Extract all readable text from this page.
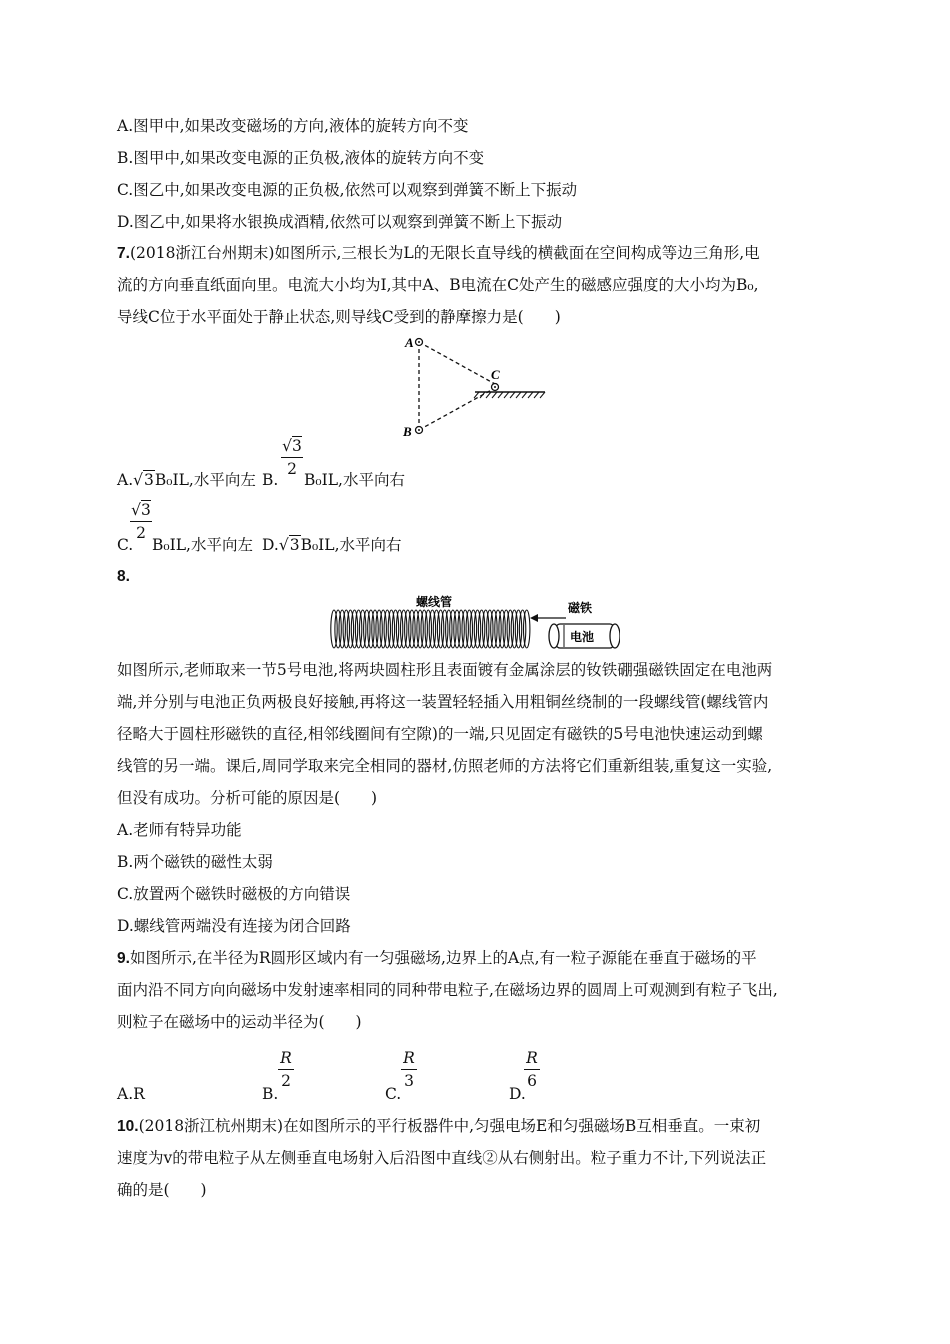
A.图甲中,如果改变磁场的方向,液体的旋转方向不变
B.图甲中,如果改变电源的正负极,液体的旋转方向不变
C.图乙中,如果改变电源的正负极,依然可以观察到弹簧不断上下振动
D.图乙中,如果将水银换成酒精,依然可以观察到弹簧不断上下振动
7.(2018浙江台州期末)如图所示,三根长为L的无限长直导线的横截面在空间构成等边三角形,电
流的方向垂直纸面向里。电流大小均为I,其中A、B电流在C处产生的磁感应强度的大小均为B₀,
导线C位于水平面处于静止状态,则导线C受到的静摩擦力是(　　)
A
B
C
A.√3B₀IL,水平向左 B.
√3
2
B₀IL,水平向右
C.
√3
2
B₀IL,水平向左 D.√3B₀IL,水平向右
8.
螺线管	磁铁
电池
如图所示,老师取来一节5号电池,将两块圆柱形且表面镀有金属涂层的钕铁硼强磁铁固定在电池两
端,并分别与电池正负两极良好接触,再将这一装置轻轻插入用粗铜丝绕制的一段螺线管(螺线管内
径略大于圆柱形磁铁的直径,相邻线圈间有空隙)的一端,只见固定有磁铁的5号电池快速运动到螺
线管的另一端。课后,周同学取来完全相同的器材,仿照老师的方法将它们重新组装,重复这一实验,
但没有成功。分析可能的原因是(　　)
A.老师有特异功能
B.两个磁铁的磁性太弱
C.放置两个磁铁时磁极的方向错误
D.螺线管两端没有连接为闭合回路
9.如图所示,在半径为R圆形区域内有一匀强磁场,边界上的A点,有一粒子源能在垂直于磁场的平
面内沿不同方向向磁场中发射速率相同的同种带电粒子,在磁场边界的圆周上可观测到有粒子飞出,
则粒子在磁场中的运动半径为(　　)
A.R	B.
R
2
C.
R
3
D.
R
6
10.(2018浙江杭州期末)在如图所示的平行板器件中,匀强电场E和匀强磁场B互相垂直。一束初
速度为v的带电粒子从左侧垂直电场射入后沿图中直线②从右侧射出。粒子重力不计,下列说法正
确的是(　　)
